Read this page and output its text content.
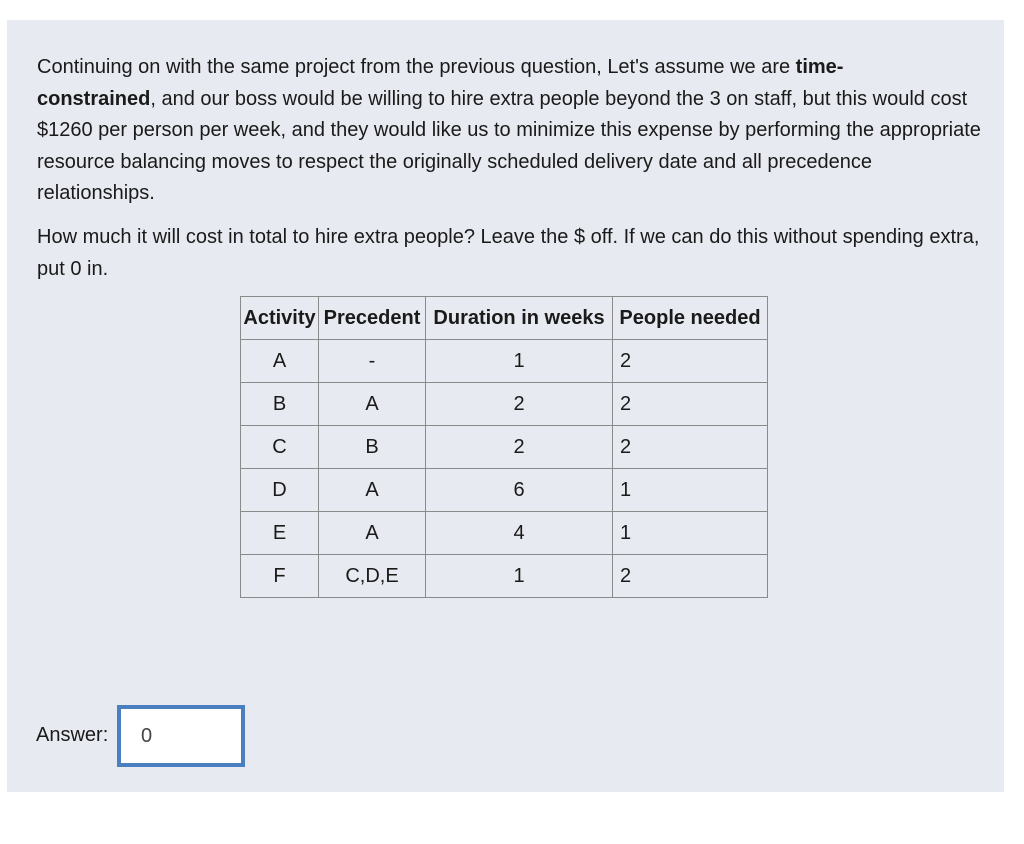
Continuing on with the same project from the previous question, Let's assume we are time-
constrained, and our boss would be willing to hire extra people beyond the 3 on staff, but this would cost $1260 per person per week, and they would like us to minimize this expense by performing the appropriate resource balancing moves to respect the originally scheduled delivery date and all precedence relationships.

How much it will cost in total to hire extra people? Leave the $ off. If we can do this without spending extra, put 0 in.

Activity	Precedent	Duration in weeks	People needed
A	-	1	2
B	A	2	2
C	B	2	2
D	A	6	1
E	A	4	1
F	C,D,E	1	2
Answer:
0
